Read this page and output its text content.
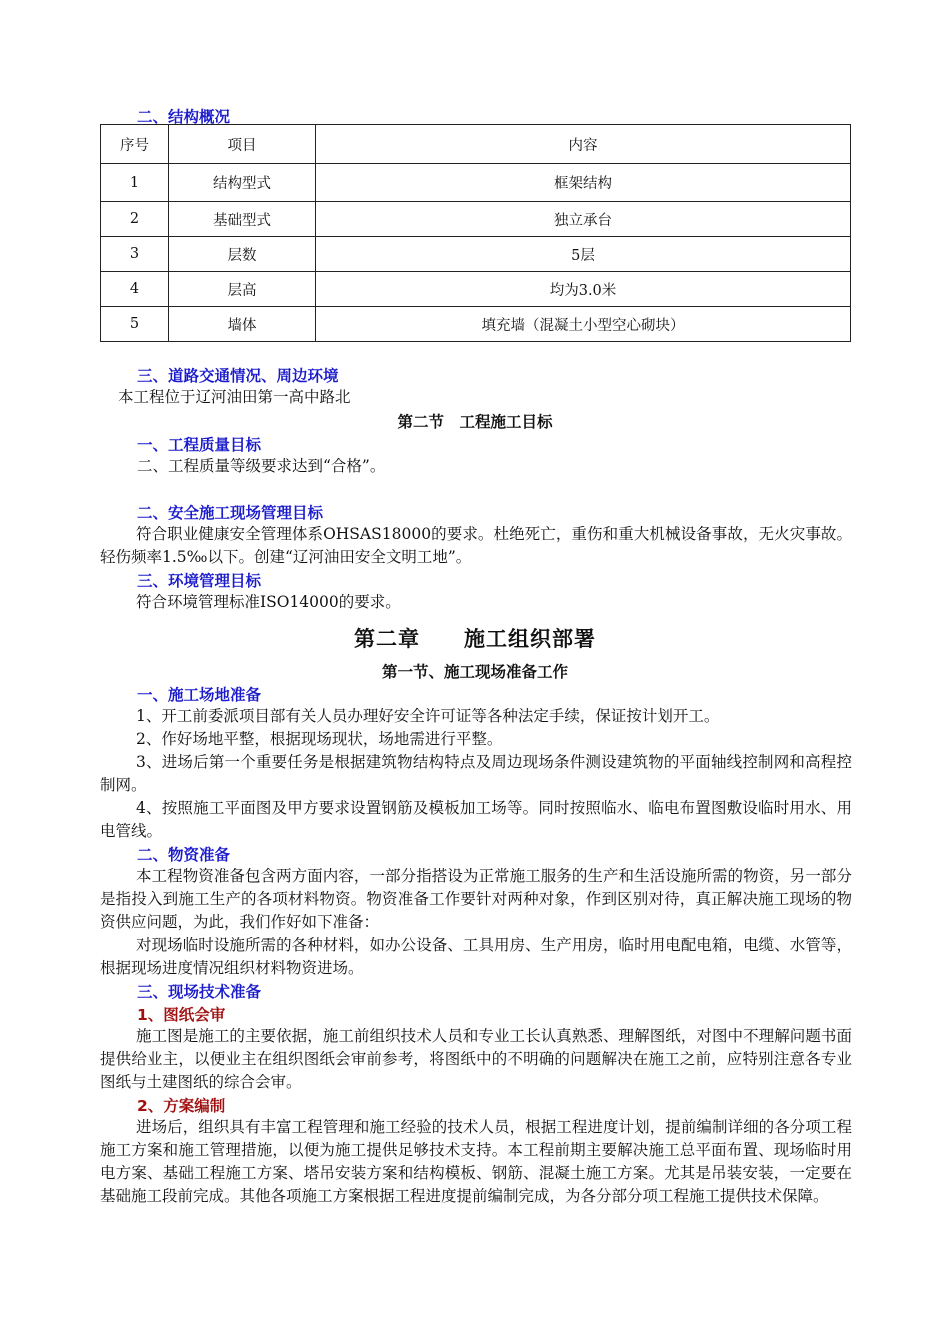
二、结构概况
序号	项目	内容
1	结构型式	框架结构
2	基础型式	独立承台
3	层数	5层
4	层高	均为3.0米
5	墙体	填充墙（混凝土小型空心砌块）
三、道路交通情况、周边环境
本工程位于辽河油田第一高中路北
第二节　工程施工目标
一、工程质量目标
二、工程质量等级要求达到“合格”。
二、安全施工现场管理目标
符合职业健康安全管理体系OHSAS18000的要求。杜绝死亡，重伤和重大机械设备事故，无火灾事故。轻伤频率1.5‰以下。创建“辽河油田安全文明工地”。
三、环境管理目标
符合环境管理标准ISO14000的要求。
第二章　　施工组织部署
第一节、施工现场准备工作
一、施工场地准备
1、开工前委派项目部有关人员办理好安全许可证等各种法定手续，保证按计划开工。
2、作好场地平整，根据现场现状，场地需进行平整。
3、进场后第一个重要任务是根据建筑物结构特点及周边现场条件测设建筑物的平面轴线控制网和高程控制网。
4、按照施工平面图及甲方要求设置钢筋及模板加工场等。同时按照临水、临电布置图敷设临时用水、用电管线。
二、物资准备
本工程物资准备包含两方面内容，一部分指搭设为正常施工服务的生产和生活设施所需的物资，另一部分是指投入到施工生产的各项材料物资。物资准备工作要针对两种对象，作到区别对待，真正解决施工现场的物资供应问题，为此，我们作好如下准备：
对现场临时设施所需的各种材料，如办公设备、工具用房、生产用房，临时用电配电箱，电缆、水管等，根据现场进度情况组织材料物资进场。
三、现场技术准备
1、图纸会审
施工图是施工的主要依据，施工前组织技术人员和专业工长认真熟悉、理解图纸，对图中不理解问题书面提供给业主，以便业主在组织图纸会审前参考，将图纸中的不明确的问题解决在施工之前，应特别注意各专业图纸与土建图纸的综合会审。
2、方案编制
进场后，组织具有丰富工程管理和施工经验的技术人员，根据工程进度计划，提前编制详细的各分项工程施工方案和施工管理措施，以便为施工提供足够技术支持。本工程前期主要解决施工总平面布置、现场临时用电方案、基础工程施工方案、塔吊安装方案和结构模板、钢筋、混凝土施工方案。尤其是吊装安装，一定要在基础施工段前完成。其他各项施工方案根据工程进度提前编制完成，为各分部分项工程施工提供技术保障。
